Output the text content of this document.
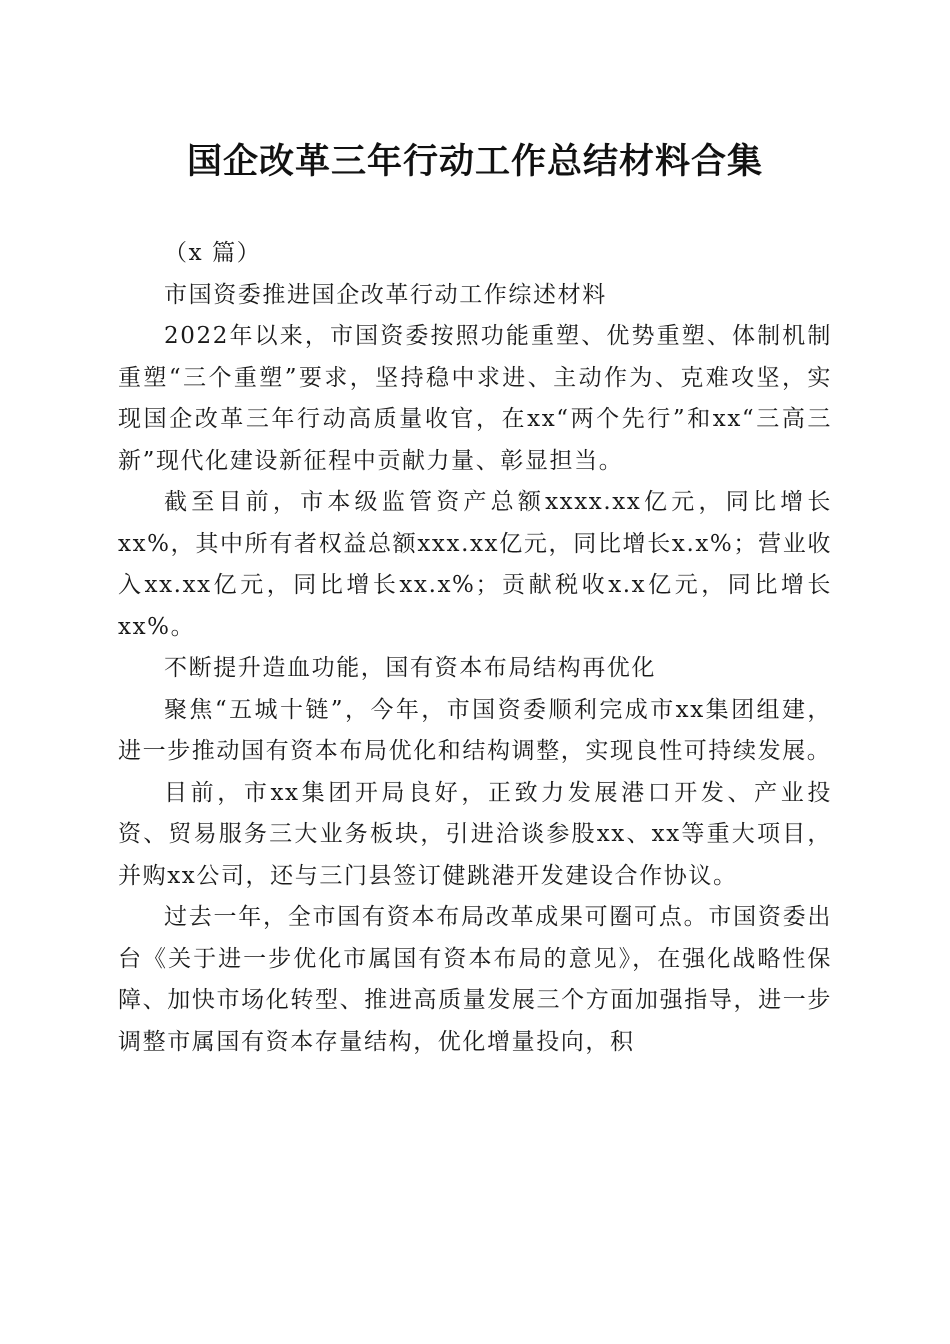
国企改革三年行动工作总结材料合集

（x 篇）

市国资委推进国企改革行动工作综述材料

2022年以来，市国资委按照功能重塑、优势重塑、体制机制重塑“三个重塑”要求，坚持稳中求进、主动作为、克难攻坚，实现国企改革三年行动高质量收官，在xx“两个先行”和xx“三高三新”现代化建设新征程中贡献力量、彰显担当。

截至目前，市本级监管资产总额xxxx.xx亿元，同比增长xx%，其中所有者权益总额xxx.xx亿元，同比增长x.x%；营业收入xx.xx亿元，同比增长xx.x%；贡献税收x.x亿元，同比增长xx%。

不断提升造血功能，国有资本布局结构再优化

聚焦“五城十链”，今年，市国资委顺利完成市xx集团组建，进一步推动国有资本布局优化和结构调整，实现良性可持续发展。

目前，市xx集团开局良好，正致力发展港口开发、产业投资、贸易服务三大业务板块，引进洽谈参股xx、xx等重大项目，并购xx公司，还与三门县签订健跳港开发建设合作协议。

过去一年，全市国有资本布局改革成果可圈可点。市国资委出台《关于进一步优化市属国有资本布局的意见》，在强化战略性保障、加快市场化转型、推进高质量发展三个方面加强指导，进一步调整市属国有资本存量结构，优化增量投向，积
